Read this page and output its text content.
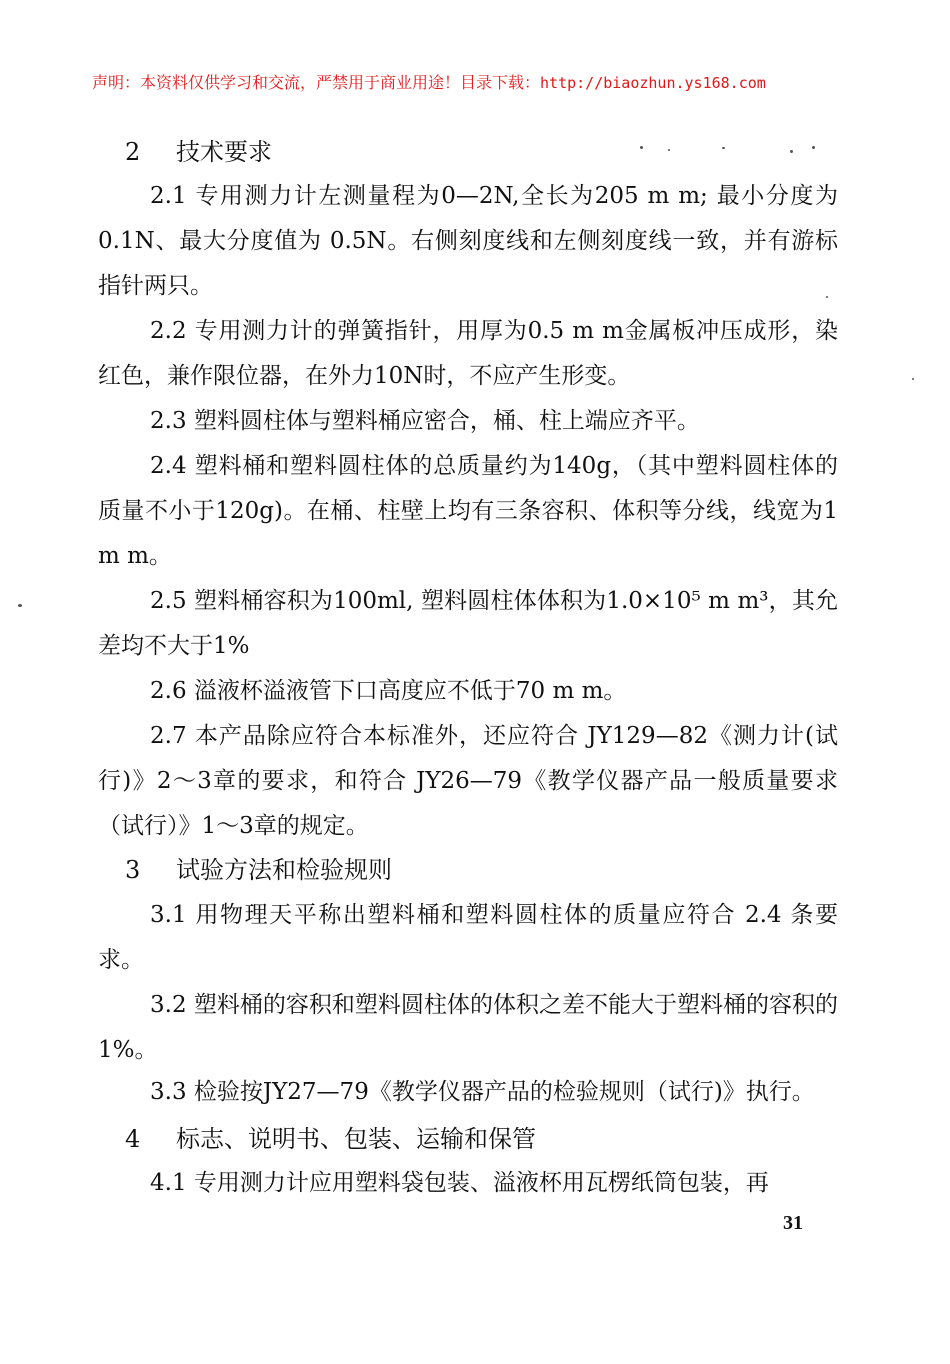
声明：本资料仅供学习和交流，严禁用于商业用途！目录下载：http://biaozhun.ys168.com
2 技术要求
2.1 专用测力计左测量程为0—2N,全长为205 m m; 最小分度为0.1N、最大分度值为 0.5N。右侧刻度线和左侧刻度线一致，并有游标指针两只。
2.2 专用测力计的弹簧指针，用厚为0.5 m m金属板冲压成形，染红色，兼作限位器，在外力10N时，不应产生形变。
2.3 塑料圆柱体与塑料桶应密合，桶、柱上端应齐平。
2.4 塑料桶和塑料圆柱体的总质量约为140g，（其中塑料圆柱体的质量不小于120g)。在桶、柱壁上均有三条容积、体积等分线，线宽为1 m m。
2.5 塑料桶容积为100ml, 塑料圆柱体体积为1.0×10⁵ m m³，其允差均不大于1%
2.6 溢液杯溢液管下口高度应不低于70 m m。
2.7 本产品除应符合本标准外，还应符合 JY129—82《测力计(试行)》2～3章的要求，和符合 JY26—79《教学仪器产品一般质量要求（试行）》1～3章的规定。
3 试验方法和检验规则
3.1 用物理天平称出塑料桶和塑料圆柱体的质量应符合 2.4 条要求。
3.2 塑料桶的容积和塑料圆柱体的体积之差不能大于塑料桶的容积的1%。
3.3 检验按JY27—79《教学仪器产品的检验规则（试行)》执行。
4 标志、说明书、包装、运输和保管
4.1 专用测力计应用塑料袋包装、溢液杯用瓦楞纸筒包装，再
31
